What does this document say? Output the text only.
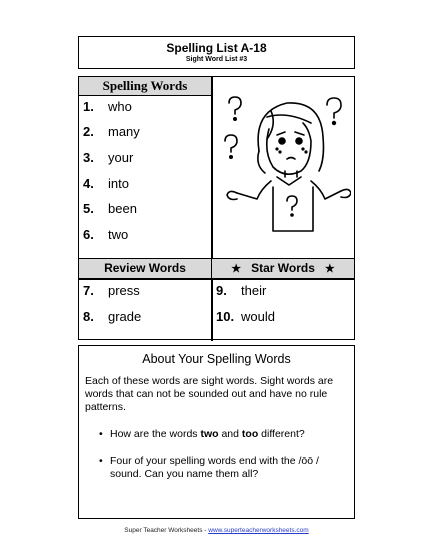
Spelling List A-18
Sight Word List #3
Spelling Words
1. who
2. many
3. your
4. into
5. been
6. two
Review Words	★ Star Words ★
7. press
8. grade
9. their
10. would
About Your Spelling Words
Each of these words are sight words. Sight words are words that can not be sounded out and have no rule patterns.
• How are the words two and too different?
• Four of your spelling words end with the /ōō / sound. Can you name them all?
Super Teacher Worksheets - www.superteacherworksheets.com
